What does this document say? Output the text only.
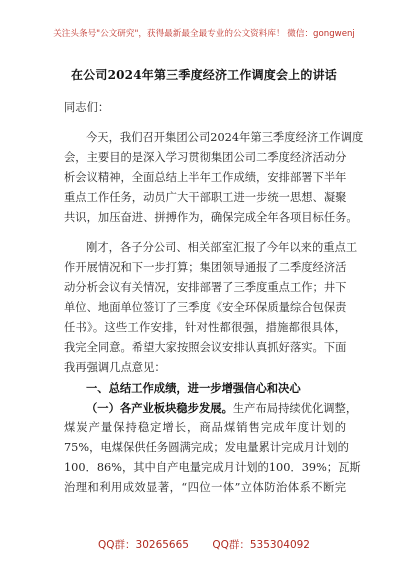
关注头条号"公文研究"，获得最新最全最专业的公文资料库！ 微信：gongwenj
在公司2024年第三季度经济工作调度会上的讲话
同志们：
今天，我们召开集团公司2024年第三季度经济工作调度
会，主要目的是深入学习贯彻集团公司二季度经济活动分
析会议精神，全面总结上半年工作成绩，安排部署下半年
重点工作任务，动员广大干部职工进一步统一思想、凝聚
共识，加压奋进、拼搏作为，确保完成全年各项目标任务。
刚才，各子分公司、相关部室汇报了今年以来的重点工
作开展情况和下一步打算；集团领导通报了二季度经济活
动分析会议有关情况，安排部署了三季度重点工作；井下
单位、地面单位签订了三季度《安全环保质量综合包保责
任书》。这些工作安排，针对性都很强，措施都很具体，
我完全同意。希望大家按照会议安排认真抓好落实。下面
我再强调几点意见：
一、总结工作成绩，进一步增强信心和决心
（一）各产业板块稳步发展。生产布局持续优化调整，
煤炭产量保持稳定增长，商品煤销售完成年度计划的
75%，电煤保供任务圆满完成；发电量累计完成月计划的
100．86%，其中自产电量完成月计划的100．39%；瓦斯
治理和利用成效显著，“四位一体”立体防治体系不断完
QQ群：30265665 QQ群：535304092
